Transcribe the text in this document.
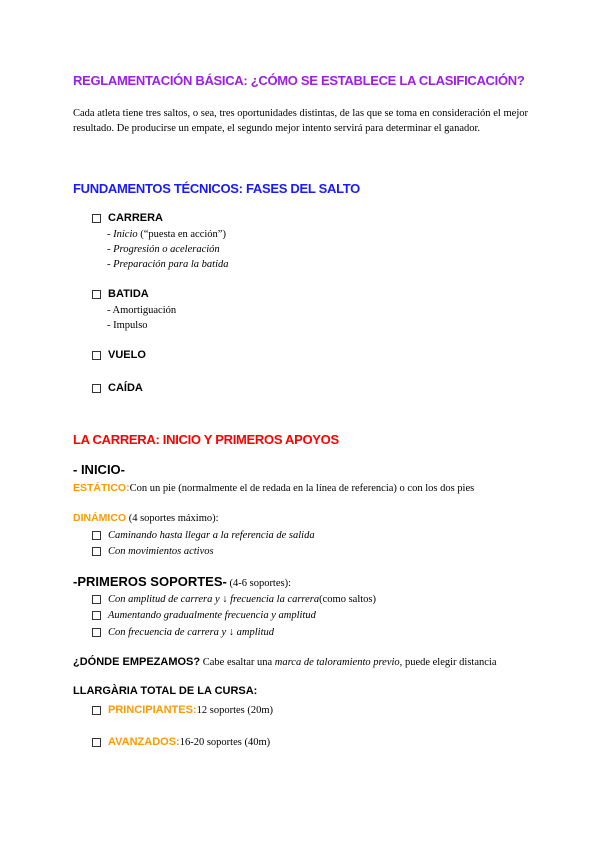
REGLAMENTACIÓN BÁSICA: ¿CÓMO SE ESTABLECE LA CLASIFICACIÓN?

Cada atleta tiene tres saltos, o sea, tres oportunidades distintas, de las que se toma en consideración el mejor resultado. De producirse un empate, el segundo mejor intento servirá para determinar el ganador.

FUNDAMENTOS TÉCNICOS: FASES DEL SALTO
CARRERA
- Inicio (“puesta en acción”)
- Progresión o aceleración
- Preparación para la batida
BATIDA
- Amortiguación
- Impulso
VUELO
CAÍDA
LA CARRERA: INICIO Y PRIMEROS APOYOS
- INICIO-
ESTÁTICO:Con un pie (normalmente el de redada en la línea de referencia) o con los dos pies
DINÁMICO (4 soportes máximo):
Caminando hasta llegar a la referencia de salida
Con movimientos activos
-PRIMEROS SOPORTES- (4-6 soportes):
Con amplitud de carrera y ↓ frecuencia la carrera (como saltos)
Aumentando gradualmente frecuencia y amplitud
Con frecuencia de carrera y ↓ amplitud
¿DÓNDE EMPEZAMOS? Cabe esaltar una marca de taloramiento previo, puede elegir distancia
LLARGÀRIA TOTAL DE LA CURSA:
PRINCIPIANTES: 12 soportes (20m)
AVANZADOS: 16-20 soportes (40m)
